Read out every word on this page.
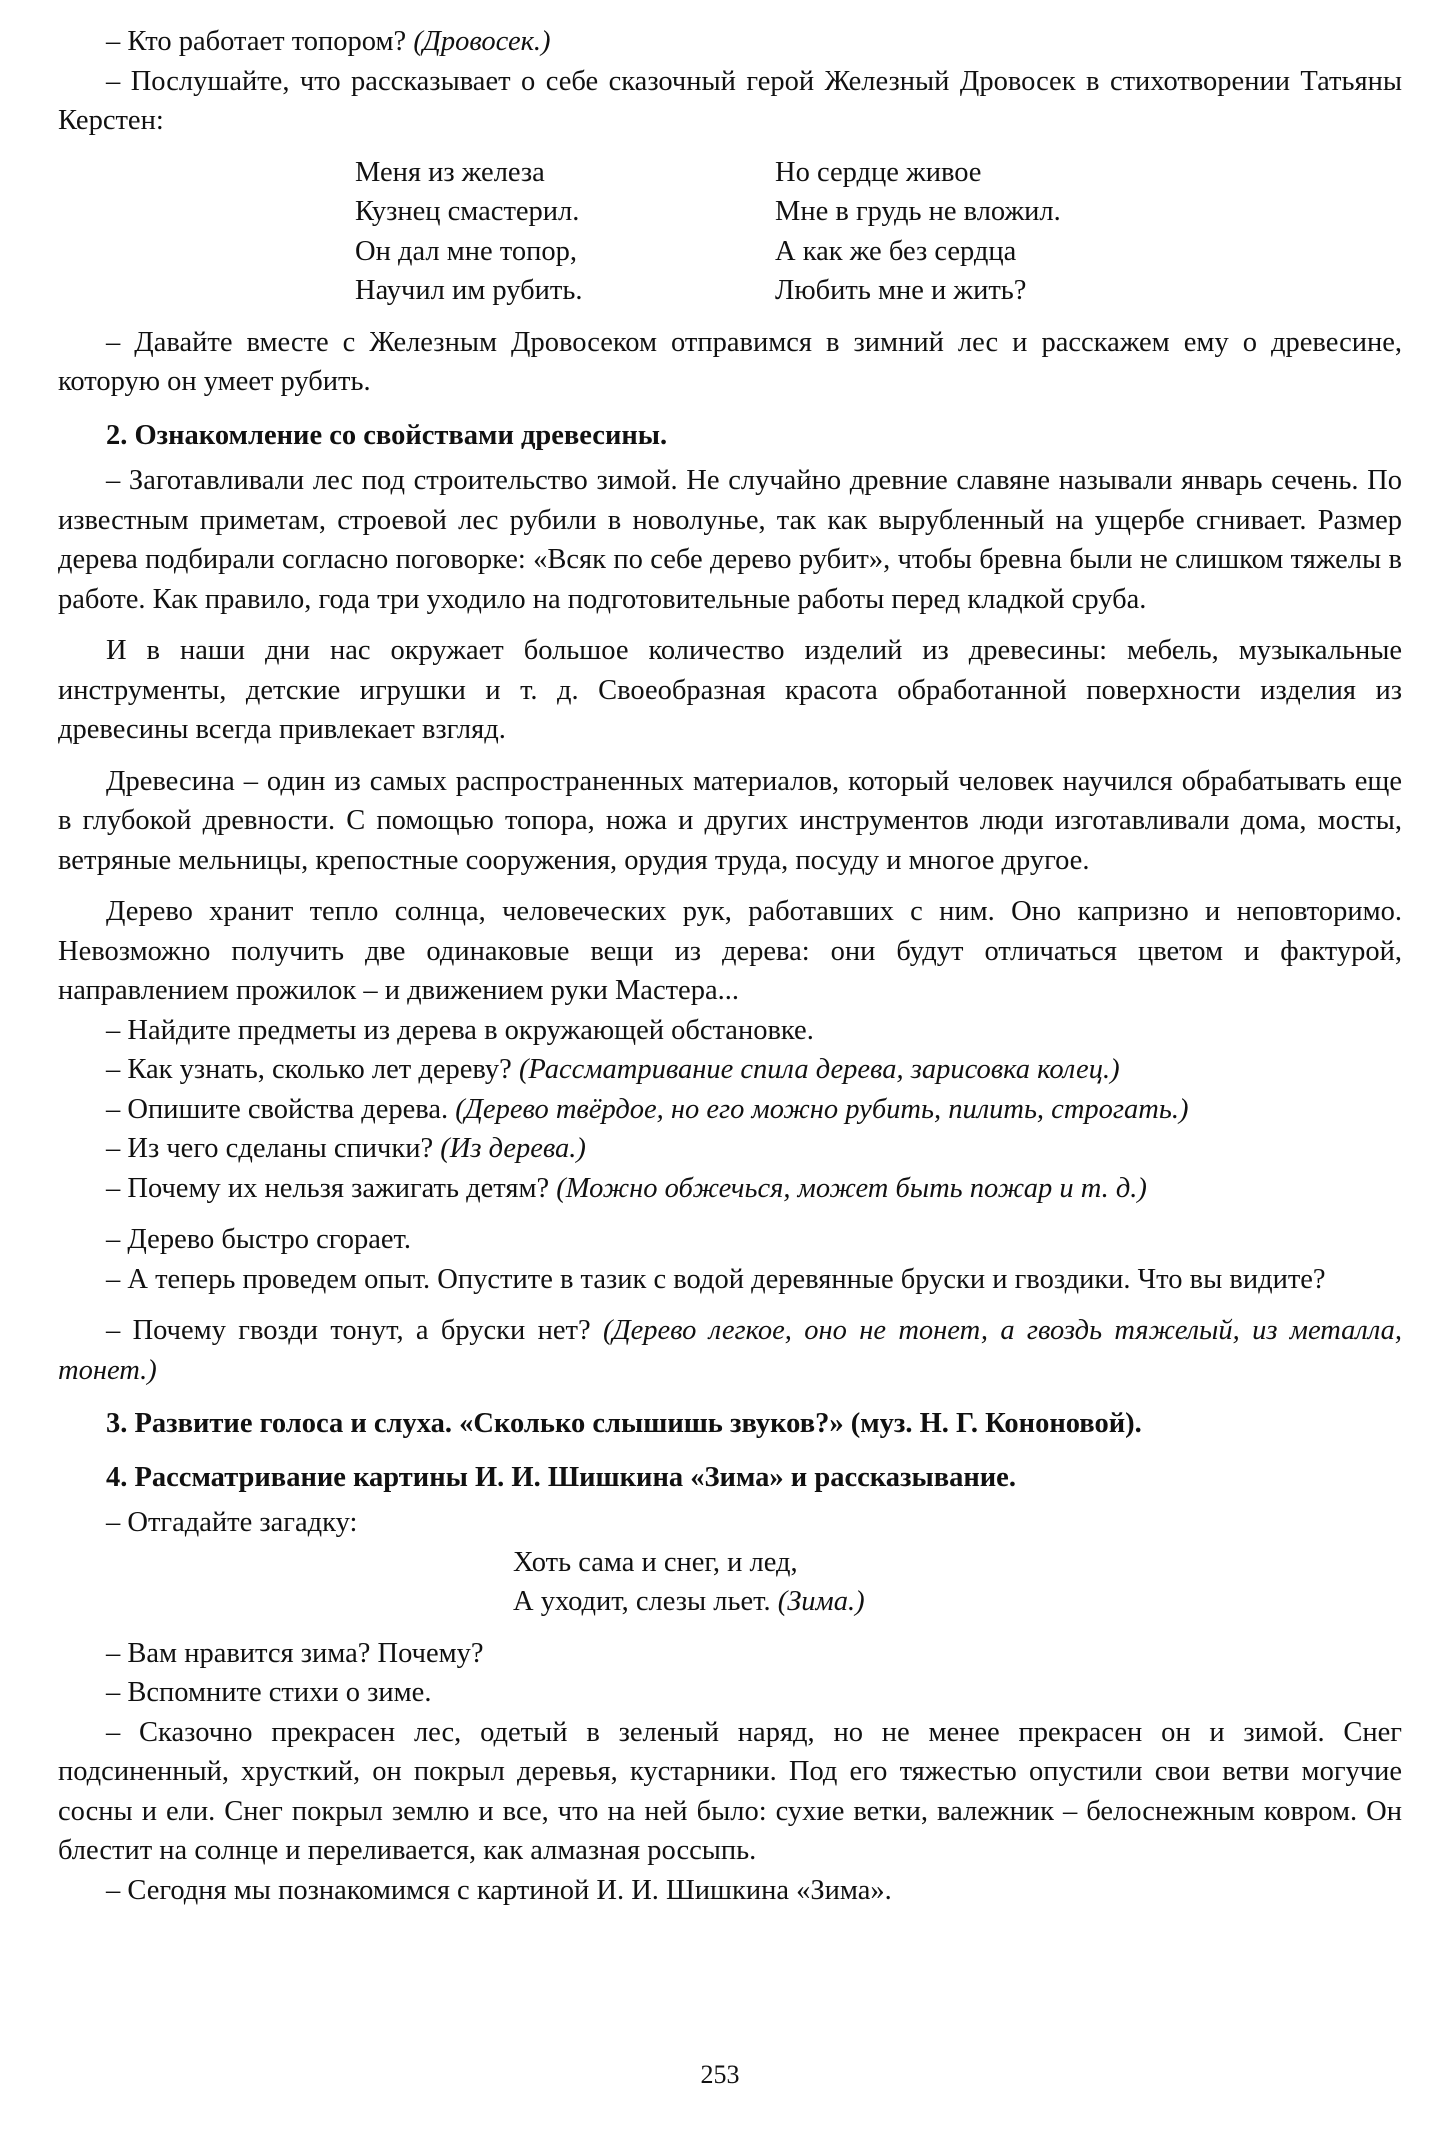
– Кто работает топором? (Дровосек.)

– Послушайте, что рассказывает о себе сказочный герой Железный Дровосек в стихотворении Татьяны Керстен:

Меня из железа
Кузнец смастерил.
Он дал мне топор,
Научил им рубить.
Но сердце живое
Мне в грудь не вложил.
А как же без сердца
Любить мне и жить?

– Давайте вместе с Железным Дровосеком отправимся в зимний лес и расскажем ему о древесине, которую он умеет рубить.

2. Ознакомление со свойствами древесины.

– Заготавливали лес под строительство зимой. Не случайно древние славяне называли январь сечень. По известным приметам, строевой лес рубили в новолунье, так как вырубленный на ущербе сгнивает. Размер дерева подбирали согласно поговорке: «Всяк по себе дерево рубит», чтобы бревна были не слишком тяжелы в работе. Как правило, года три уходило на подготовительные работы перед кладкой сруба.

И в наши дни нас окружает большое количество изделий из древесины: мебель, музыкальные инструменты, детские игрушки и т. д. Своеобразная красота обработанной поверхности изделия из древесины всегда привлекает взгляд.

Древесина – один из самых распространенных материалов, который человек научился обрабатывать еще в глубокой древности. С помощью топора, ножа и других инструментов люди изготавливали дома, мосты, ветряные мельницы, крепостные сооружения, орудия труда, посуду и многое другое.

Дерево хранит тепло солнца, человеческих рук, работавших с ним. Оно капризно и неповторимо. Невозможно получить две одинаковые вещи из дерева: они будут отличаться цветом и фактурой, направлением прожилок – и движением руки Мастера...

– Найдите предметы из дерева в окружающей обстановке.

– Как узнать, сколько лет дереву? (Рассматривание спила дерева, зарисовка колец.)

– Опишите свойства дерева. (Дерево твёрдое, но его можно рубить, пилить, строгать.)

– Из чего сделаны спички? (Из дерева.)

– Почему их нельзя зажигать детям? (Можно обжечься, может быть пожар и т. д.)

– Дерево быстро сгорает.

– А теперь проведем опыт. Опустите в тазик с водой деревянные бруски и гвоздики. Что вы видите?

– Почему гвозди тонут, а бруски нет? (Дерево легкое, оно не тонет, а гвоздь тяжелый, из металла, тонет.)

3. Развитие голоса и слуха. «Сколько слышишь звуков?» (муз. Н. Г. Кононовой).
4. Рассматривание картины И. И. Шишкина «Зима» и рассказывание.

– Отгадайте загадку:

Хоть сама и снег, и лед,
А уходит, слезы льет. (Зима.)

– Вам нравится зима? Почему?

– Вспомните стихи о зиме.

– Сказочно прекрасен лес, одетый в зеленый наряд, но не менее прекрасен он и зимой. Снег подсиненный, хрусткий, он покрыл деревья, кустарники. Под его тяжестью опустили свои ветви могучие сосны и ели. Снег покрыл землю и все, что на ней было: сухие ветки, валежник – белоснежным ковром. Он блестит на солнце и переливается, как алмазная россыпь.

– Сегодня мы познакомимся с картиной И. И. Шишкина «Зима».

253
